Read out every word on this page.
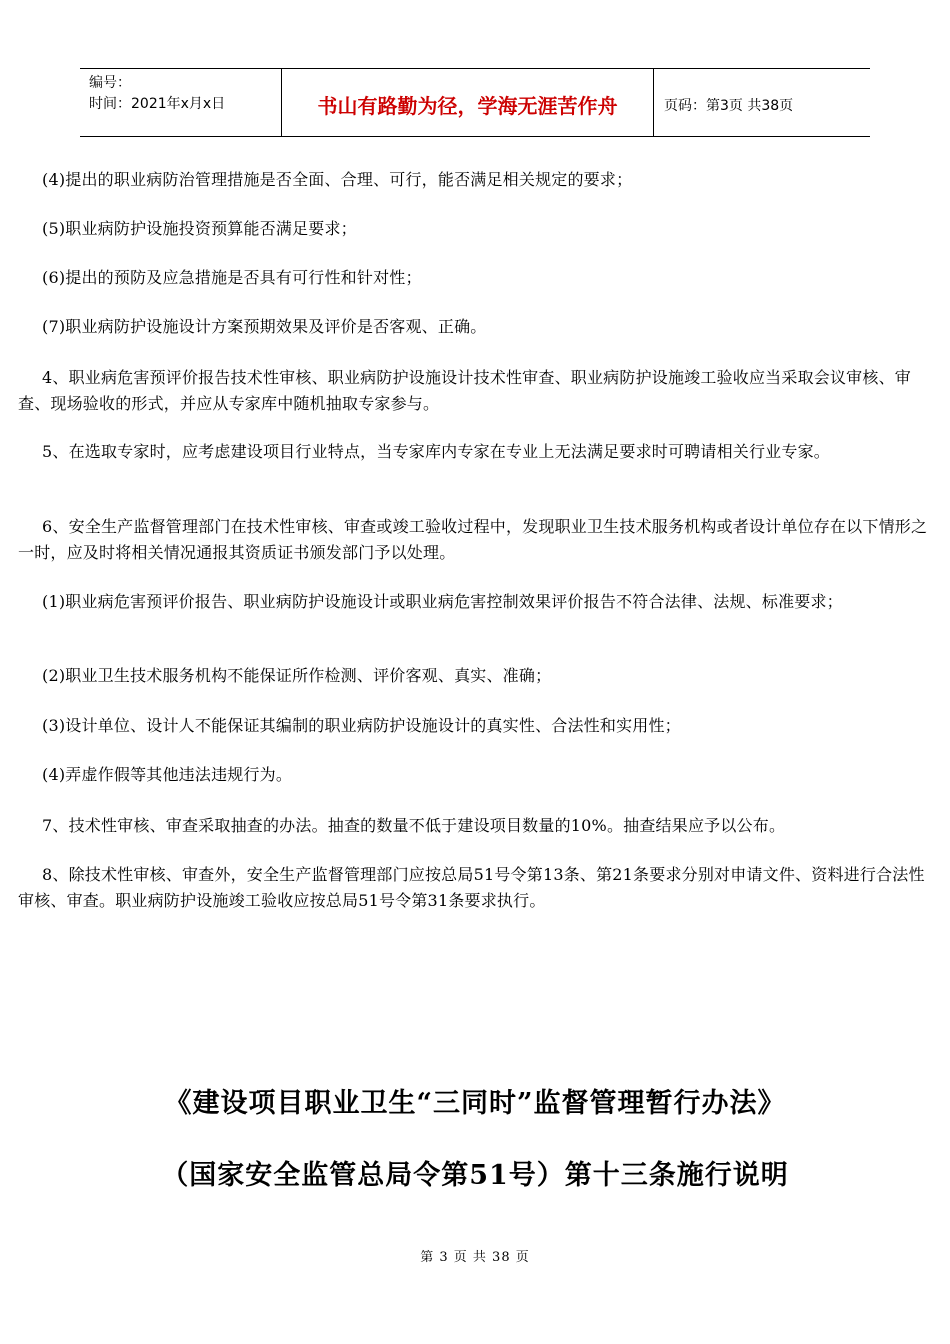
编号：
时间：2021年x月x日	书山有路勤为径，学海无涯苦作舟	页码：第3页 共38页
(4)提出的职业病防治管理措施是否全面、合理、可行，能否满足相关规定的要求；
(5)职业病防护设施投资预算能否满足要求；
(6)提出的预防及应急措施是否具有可行性和针对性；
(7)职业病防护设施设计方案预期效果及评价是否客观、正确。
4、职业病危害预评价报告技术性审核、职业病防护设施设计技术性审查、职业病防护设施竣工验收应当采取会议审核、审查、现场验收的形式，并应从专家库中随机抽取专家参与。
5、在选取专家时，应考虑建设项目行业特点，当专家库内专家在专业上无法满足要求时可聘请相关行业专家。
6、安全生产监督管理部门在技术性审核、审查或竣工验收过程中，发现职业卫生技术服务机构或者设计单位存在以下情形之一时，应及时将相关情况通报其资质证书颁发部门予以处理。
(1)职业病危害预评价报告、职业病防护设施设计或职业病危害控制效果评价报告不符合法律、法规、标准要求；
(2)职业卫生技术服务机构不能保证所作检测、评价客观、真实、准确；
(3)设计单位、设计人不能保证其编制的职业病防护设施设计的真实性、合法性和实用性；
(4)弄虚作假等其他违法违规行为。
7、技术性审核、审查采取抽查的办法。抽查的数量不低于建设项目数量的10%。抽查结果应予以公布。
8、除技术性审核、审查外，安全生产监督管理部门应按总局51号令第13条、第21条要求分别对申请文件、资料进行合法性审核、审查。职业病防护设施竣工验收应按总局51号令第31条要求执行。
《建设项目职业卫生“三同时”监督管理暂行办法》
（国家安全监管总局令第51号）第十三条施行说明
第 3 页 共 38 页
